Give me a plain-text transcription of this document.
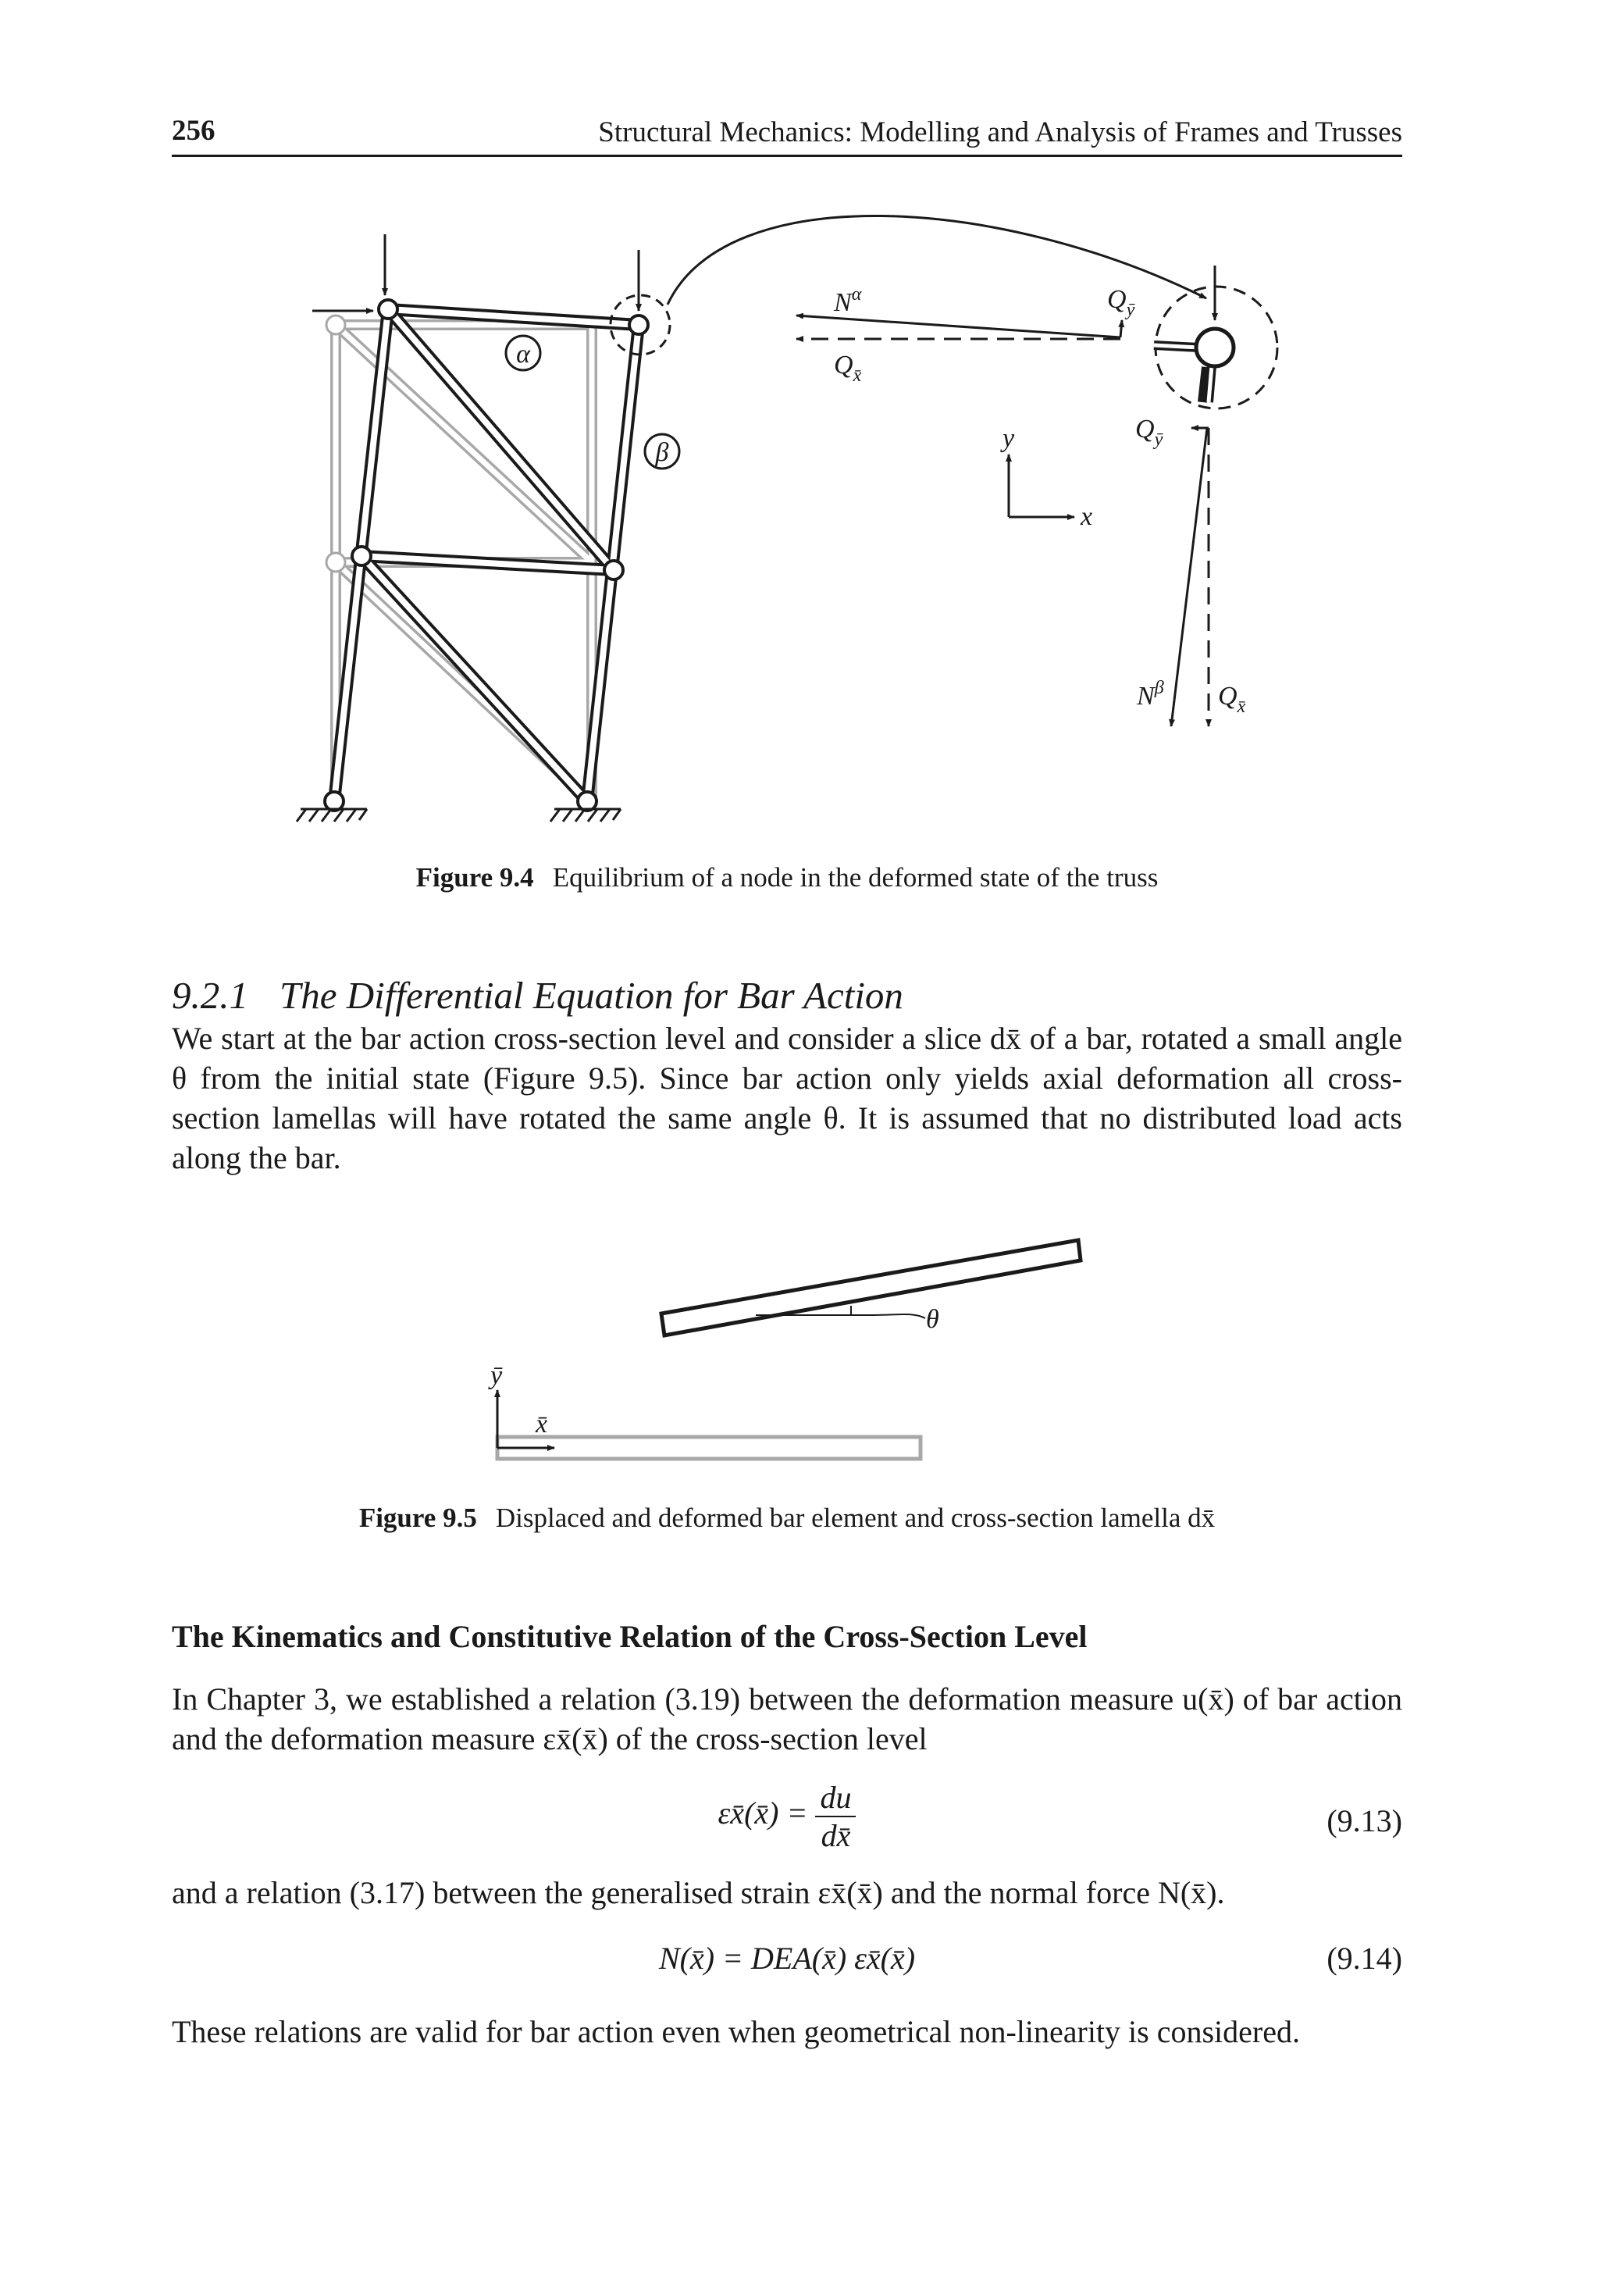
256	Structural Mechanics: Modelling and Analysis of Frames and Trusses
α
β
$N^\alpha$
$Q_{x̄}$
$Q_ȳ$
$Q_ȳ$
$N^\beta$ $Q_{x̄}$
y
x
Figure 9.4 Equilibrium of a node in the deformed state of the truss
9.2.1 The Differential Equation for Bar Action

We start at the bar action cross-section level and consider a slice dx̄ of a bar, rotated a small angle θ from the initial state (Figure 9.5). Since bar action only yields axial deformation all cross-section lamellas will have rotated the same angle θ. It is assumed that no distributed load acts along the bar.

θ
ȳ
x̄
Figure 9.5 Displaced and deformed bar element and cross-section lamella dx̄
The Kinematics and Constitutive Relation of the Cross-Section Level

In Chapter 3, we established a relation (3.19) between the deformation measure u(x̄) of bar action and the deformation measure εx̄(x̄) of the cross-section level

εx̄(x̄) = $\frac{du}{dx̄}$	(9.13)

and a relation (3.17) between the generalised strain εx̄(x̄) and the normal force N(x̄).

N(x̄) = DEA(x̄) εx̄(x̄)	(9.14)

These relations are valid for bar action even when geometrical non-linearity is considered.
